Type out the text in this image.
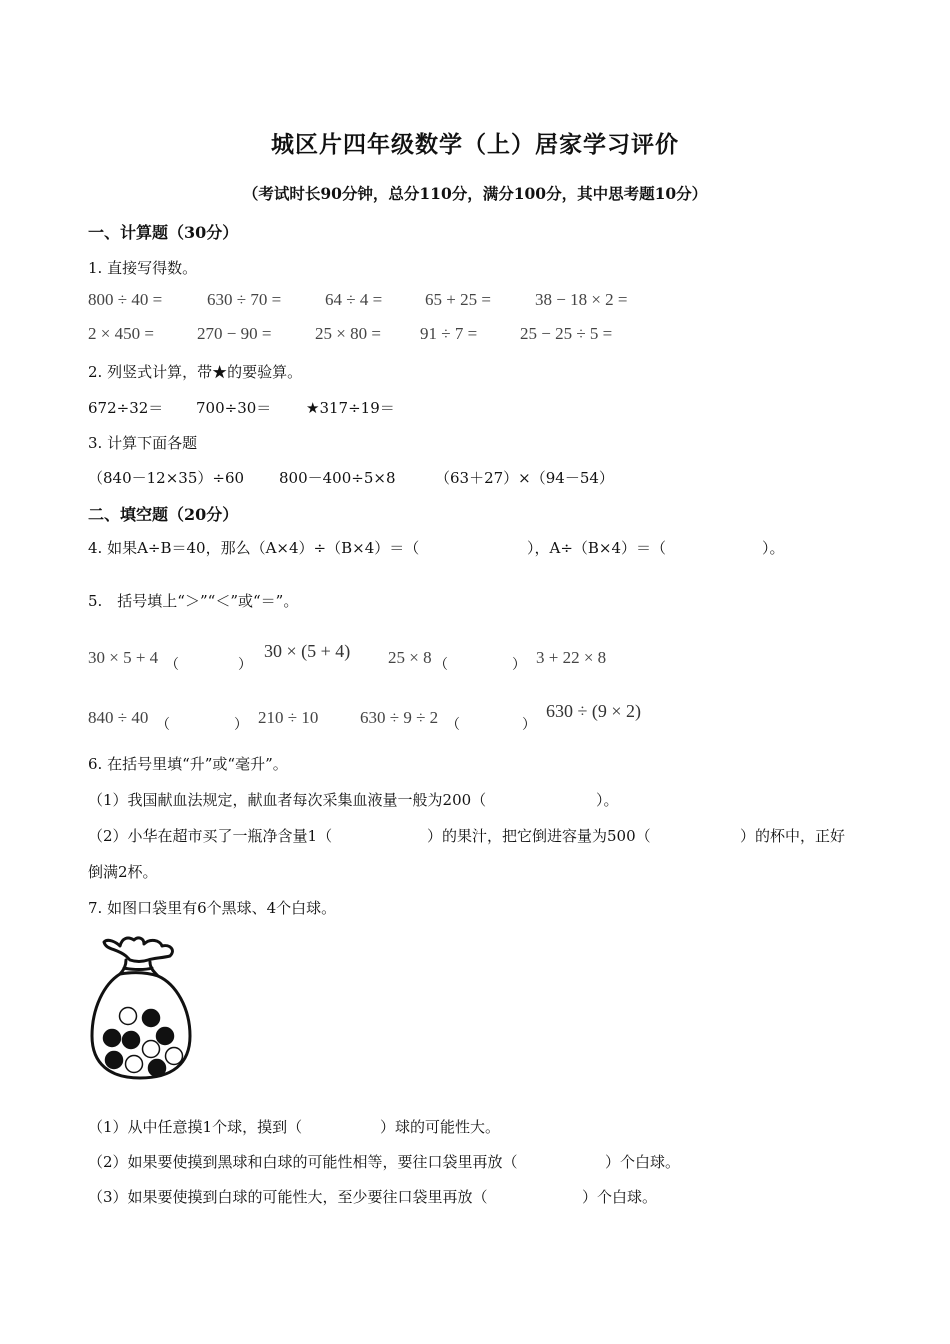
城区片四年级数学（上）居家学习评价
（考试时长90分钟，总分110分，满分100分，其中思考题10分）
一、计算题（30分）
1. 直接写得数。
800 ÷ 40 =	630 ÷ 70 =	64 ÷ 4 =	65 + 25 =	38 − 18 × 2 =
2 × 450 =	270 − 90 =	25 × 80 = 91 ÷ 7 =	25 − 25 ÷ 5 =
2. 列竖式计算，带★的要验算。
672÷32＝ 700÷30＝ ★317÷19＝
3. 计算下面各题
（840－12×35）÷60 800－400÷5×8	（63＋27）×（94－54）
二、填空题（20分）
4. 如果A÷B＝40，那么（A×4）÷（B×4）＝（	），A÷（B×4）＝（	）。
5.　括号填上“＞”“＜”或“＝”。
30 × 5 + 4 （	）
30 × (5 + 4) 25 × 8 （	） 3 + 22 × 8
840 ÷ 40 （	） 210 ÷ 10 630 ÷ 9 ÷ 2 （	）
630 ÷ (9 × 2)
6. 在括号里填“升”或“毫升”。
（1）我国献血法规定，献血者每次采集血液量一般为200（	）。
（2）小华在超市买了一瓶净含量1（	）的果汁，把它倒进容量为500（	）的杯中，正好
倒满2杯。
7. 如图口袋里有6个黑球、4个白球。
（1）从中任意摸1个球，摸到（	）球的可能性大。
（2）如果要使摸到黑球和白球的可能性相等，要往口袋里再放（	）个白球。
（3）如果要使摸到白球的可能性大，至少要往口袋里再放（	）个白球。
